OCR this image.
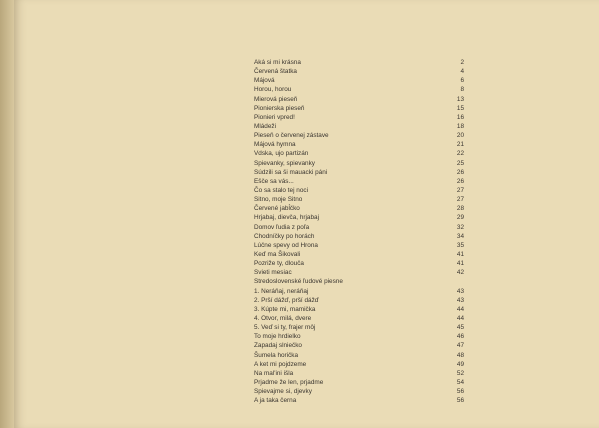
Aká si mi krásna	2
Červená štatka	4
Májová	6
Horou, horou	8
Mierová pieseň	13
Pionierska pieseň	15
Pionieri vpred!	16
Mládeži	18
Pieseň o červenej zástave	20
Májová hymna	21
Vdska, ujo partizán	22
Spievanky, spievanky	25
Súdzili sa ši mauacki páni	26
Ešče sa vás...	26
Čo sa stalo tej noci	27
Sitno, moje Sitno	27
Červené jabĺčko	28
Hrjabaj, dievča, hrjabaj	29
Domov ľudia z poľa	32
Chodníčky po horách	34
Lúčne spevy od Hrona	35
Keď ma Šikovali	41
Pozriže ty, dlouča	41
Svieti mesiac	42
Stredoslovenské ľudové piesne
1. Neráňaj, neráňaj	43
2. Prší dážď, prší dážď	43
3. Kúpte mi, mamička	44
4. Otvor, milá, dvere	44
5. Veď si ty, frajer môj	45
To moje hrdielko	46
Zapadaj slniečko	47
Šumela horička	48
A ket mi pojdzeme	49
Na mal'ini išla	52
Prjadme že len, prjadme	54
Spievajme si, djevky	56
A ja taka černa	56
